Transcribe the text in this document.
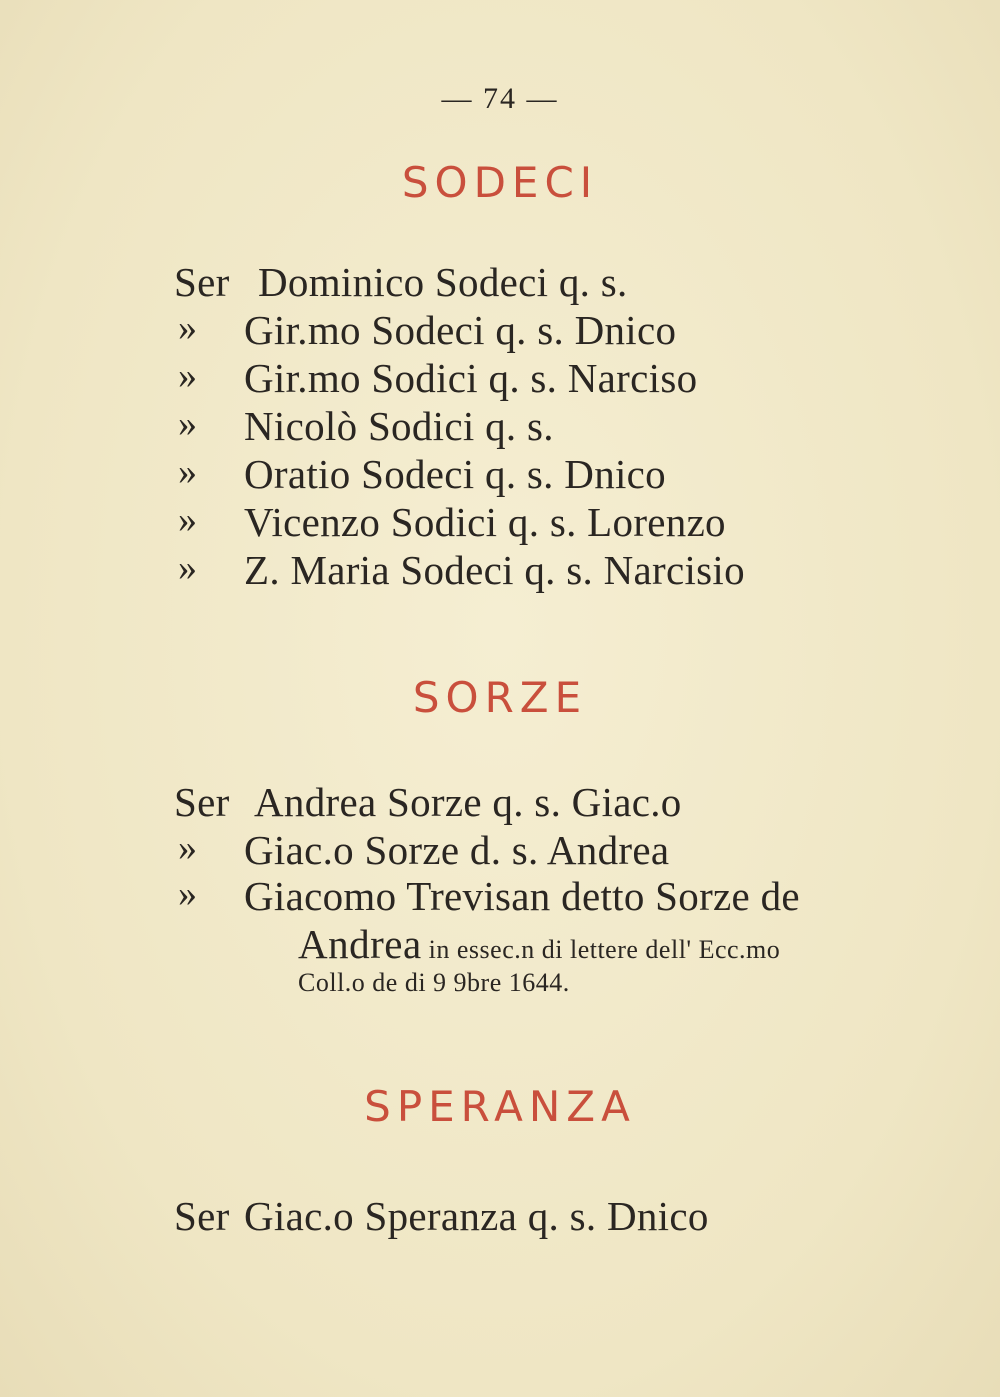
— 74 —
SODECI
Ser Dominico Sodeci q. s.
» Gir.mo Sodeci q. s. Dnico
» Gir.mo Sodici q. s. Narciso
» Nicolò Sodici q. s.
» Oratio Sodeci q. s. Dnico
» Vicenzo Sodici q. s. Lorenzo
» Z. Maria Sodeci q. s. Narcisio
SORZE
Ser Andrea Sorze q. s. Giac.o
» Giac.o Sorze d. s. Andrea
» Giacomo Trevisan detto Sorze de
Andrea in essec.n di lettere dell' Ecc.mo
Coll.o de di 9 9bre 1644.
SPERANZA
Ser Giac.o Speranza q. s. Dnico
